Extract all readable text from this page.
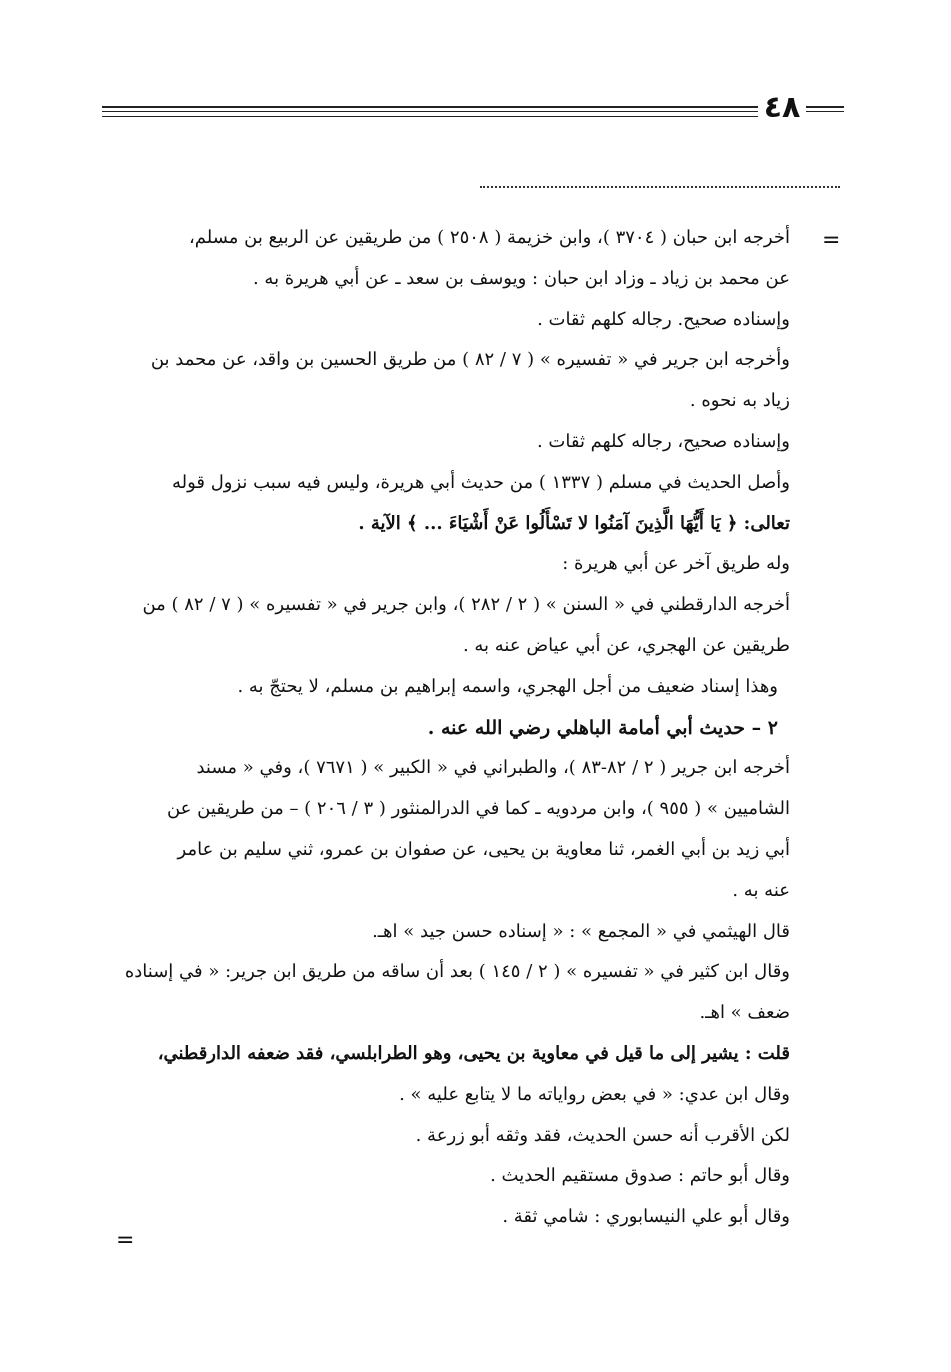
٤٨
=
=

أخرجه ابن حبان ( ٣٧٠٤ )، وابن خزيمة ( ٢٥٠٨ ) من طريقين عن الربيع بن مسلم،

عن محمد بن زياد ـ وزاد ابن حبان : ويوسف بن سعد ـ عن أبي هريرة به .

وإسناده صحيح. رجاله كلهم ثقات .

وأخرجه ابن جرير في « تفسيره » ( ٧ / ٨٢ ) من طريق الحسين بن واقد، عن محمد بن

زياد به نحوه .

وإسناده صحيح، رجاله كلهم ثقات .

وأصل الحديث في مسلم ( ١٣٣٧ ) من حديث أبي هريرة، وليس فيه سبب نزول قوله

تعالى: ﴿ يَا أَيُّهَا الَّذِينَ آمَنُوا لا تَسْأَلُوا عَنْ أَشْيَاءَ ... ﴾ الآية .

وله طريق آخر عن أبي هريرة :

أخرجه الدارقطني في « السنن » ( ٢ / ٢٨٢ )، وابن جرير في « تفسيره » ( ٧ / ٨٢ ) من

طريقين عن الهجري، عن أبي عياض عنه به .

وهذا إسناد ضعيف من أجل الهجري، واسمه إبراهيم بن مسلم، لا يحتجّ به .

٢ – حديث أبي أمامة الباهلي رضي الله عنه .

أخرجه ابن جرير ( ٢ / ٨٢-٨٣ )، والطبراني في « الكبير » ( ٧٦٧١ )، وفي « مسند

الشاميين » ( ٩٥٥ )، وابن مردويه ـ كما في الدرالمنثور ( ٣ / ٢٠٦ ) – من طريقين عن

أبي زيد بن أبي الغمر، ثنا معاوية بن يحيى، عن صفوان بن عمرو، ثني سليم بن عامر

عنه به .

قال الهيثمي في « المجمع » : « إسناده حسن جيد » اهـ.

وقال ابن كثير في « تفسيره » ( ٢ / ١٤٥ ) بعد أن ساقه من طريق ابن جرير: « في إسناده

ضعف » اهـ.

قلت : يشير إلى ما قيل في معاوية بن يحيى، وهو الطرابلسي، فقد ضعفه الدارقطني،

وقال ابن عدي: « في بعض رواياته ما لا يتابع عليه » .

لكن الأقرب أنه حسن الحديث، فقد وثقه أبو زرعة .

وقال أبو حاتم : صدوق مستقيم الحديث .

وقال أبو علي النيسابوري : شامي ثقة .
